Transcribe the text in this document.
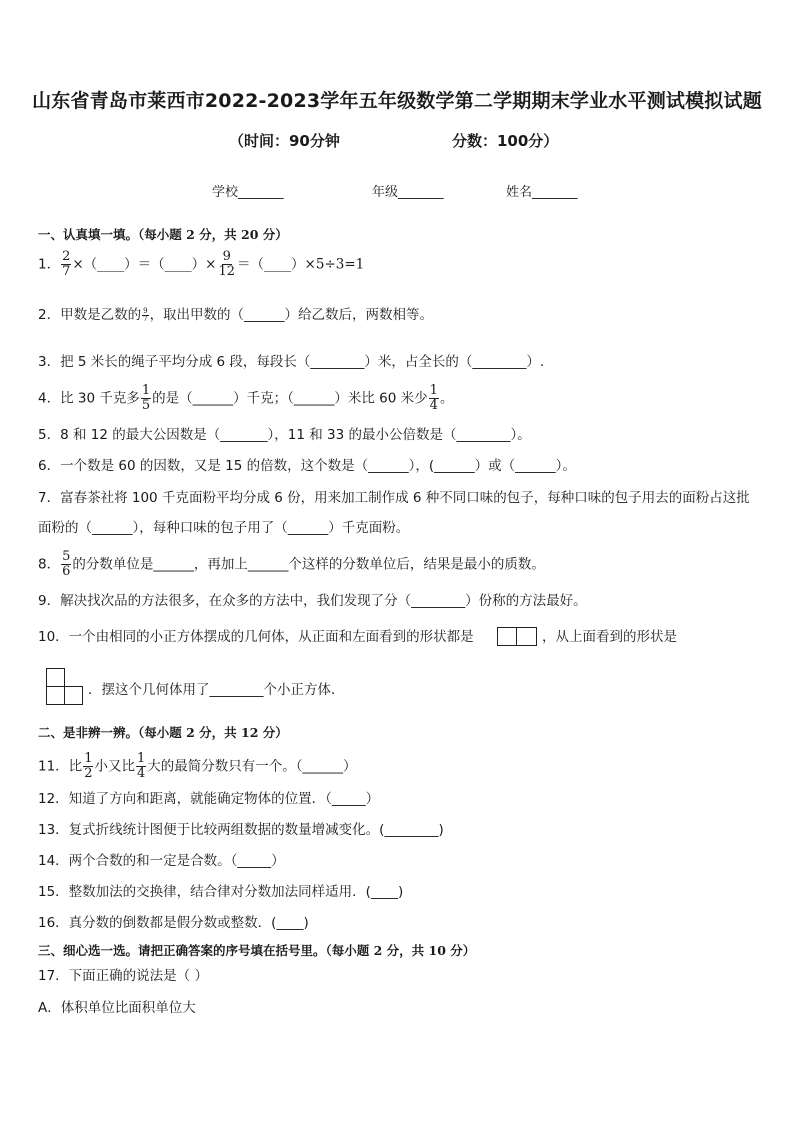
山东省青岛市莱西市2022-2023学年五年级数学第二学期期末学业水平测试模拟试题
（时间：90分钟	分数：100分）
学校_______	年级_______	姓名_______
一、认真填一填。（每小题 2 分，共 20 分）
1． $\frac{2}{7}$ ×（____）＝（____）× $\frac{9}{12}$ ＝（____）×5÷3=1
2．甲数是乙数的 $\frac{9}{7}$ ，取出甲数的（______）给乙数后，两数相等。
3．把 5 米长的绳子平均分成 6 段，每段长（________）米，占全长的（________）.
4．比 30 千克多 $\frac{1}{5}$ 的是（______）千克；（______）米比 60 米少 $\frac{1}{4}$ 。
5．8 和 12 的最大公因数是（_______），11 和 33 的最小公倍数是（________）。
6．一个数是 60 的因数，又是 15 的倍数，这个数是（______），(______）或（______）。
7．富春茶社将 100 千克面粉平均分成 6 份，用来加工制作成 6 种不同口味的包子，每种口味的包子用去的面粉占这批
面粉的（______），每种口味的包子用了（______）千克面粉。
8． $\frac{5}{6}$ 的分数单位是______，再加上______个这样的分数单位后，结果是最小的质数。
9．解决找次品的方法很多，在众多的方法中，我们发现了分（________）份称的方法最好。
10．一个由相同的小正方体摆成的几何体，从正面和左面看到的形状都是	，从上面看到的形状是
．摆这个几何体用了________个小正方体．
二、是非辨一辨。（每小题 2 分，共 12 分）
11．比 $\frac{1}{2}$ 小又比 $\frac{1}{4}$ 大的最简分数只有一个。（______）
12．知道了方向和距离，就能确定物体的位置．（_____）
13．复式折线统计图便于比较两组数据的数量增减变化。(________)
14．两个合数的和一定是合数。（_____）
15．整数加法的交换律，结合律对分数加法同样适用．(____)
16．真分数的倒数都是假分数或整数．(____)
三、细心选一选。请把正确答案的序号填在括号里。（每小题 2 分，共 10 分）
17．下面正确的说法是（ ）
A．体积单位比面积单位大
